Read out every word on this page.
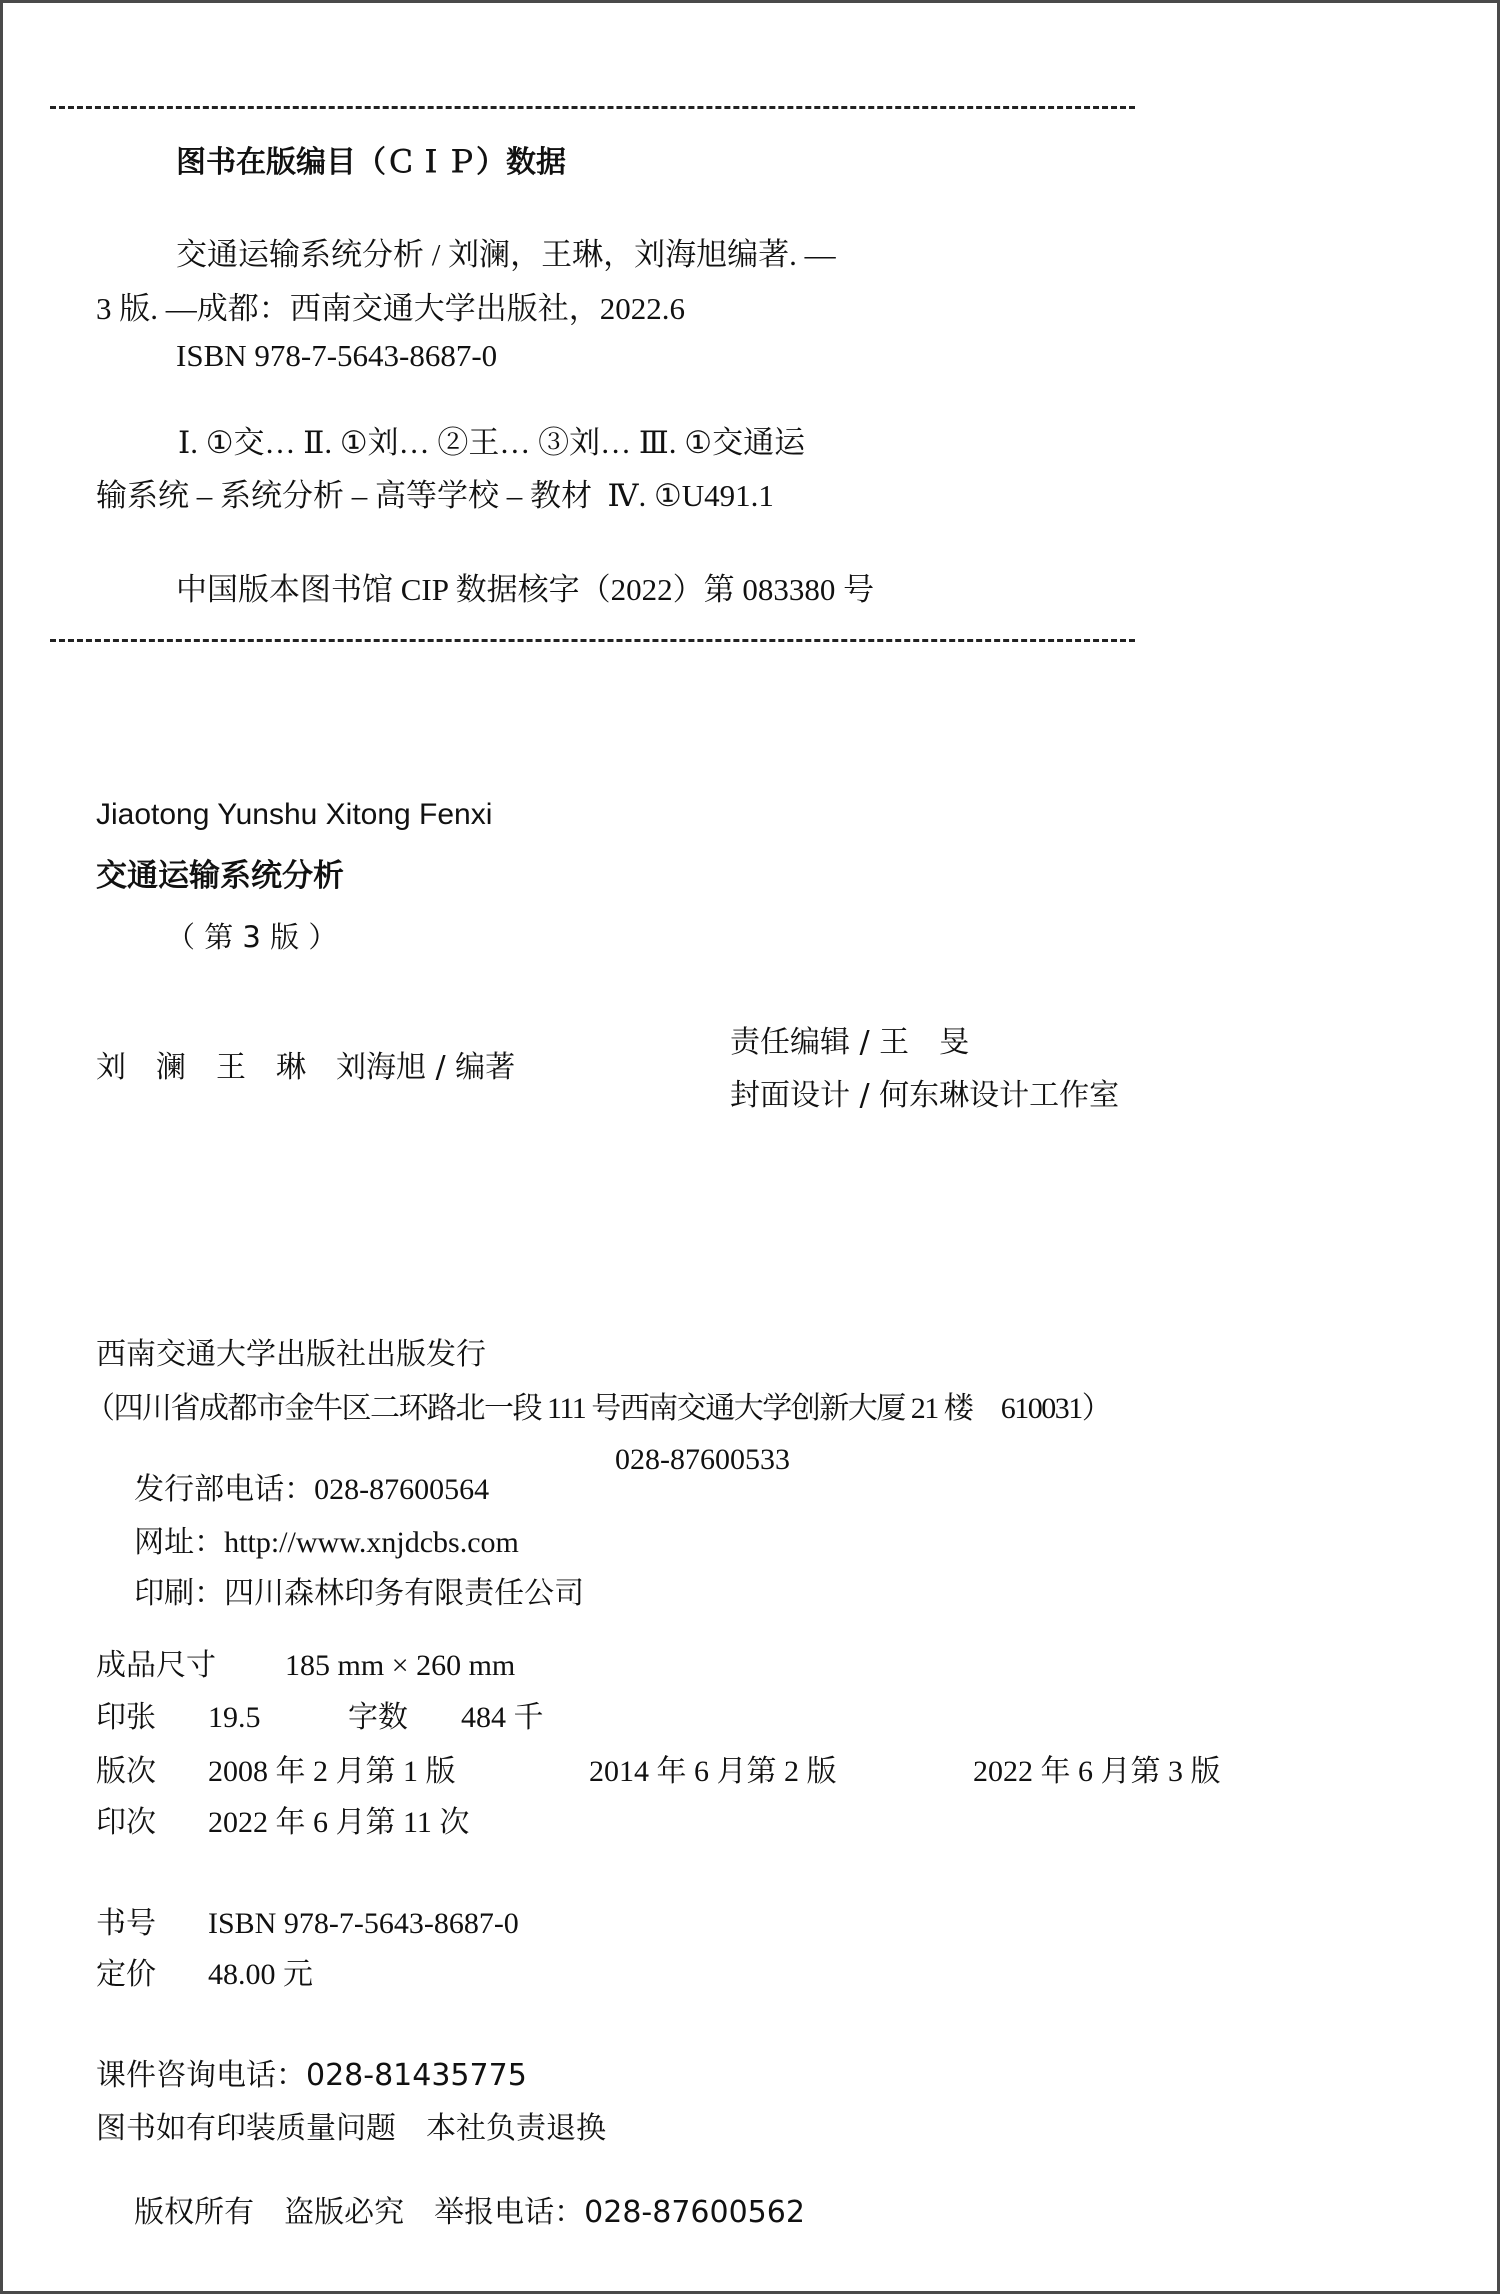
图书在版编目（ＣＩＰ）数据
交通运输系统分析 / 刘澜，王琳，刘海旭编著. —
3 版. —成都：西南交通大学出版社，2022.6
ISBN 978-7-5643-8687-0
Ⅰ. ①交… Ⅱ. ①刘… ②王… ③刘… Ⅲ. ①交通运
输系统 – 系统分析 – 高等学校 – 教材  Ⅳ. ①U491.1
中国版本图书馆 CIP 数据核字（2022）第 083380 号
Jiaotong Yunshu Xitong Fenxi
交通运输系统分析
（ 第 3 版 ）
刘　澜　王　琳　刘海旭 / 编著
责任编辑 / 王　旻
封面设计 / 何东琳设计工作室
西南交通大学出版社出版发行
（四川省成都市金牛区二环路北一段 111 号西南交通大学创新大厦 21 楼　610031）

发行部电话：028-87600564

028-87600533

网址：http://www.xnjdcbs.com

印刷：四川森林印务有限责任公司

成品尺寸 185 mm × 260 mm
印张 19.5	字数 484 千
版次 2008 年 2 月第 1 版	2014 年 6 月第 2 版	2022 年 6 月第 3 版
印次 2022 年 6 月第 11 次
书号 ISBN 978-7-5643-8687-0
定价 48.00 元
课件咨询电话：028-81435775
图书如有印装质量问题　本社负责退换

版权所有　盗版必究　 举报电话：028-87600562
